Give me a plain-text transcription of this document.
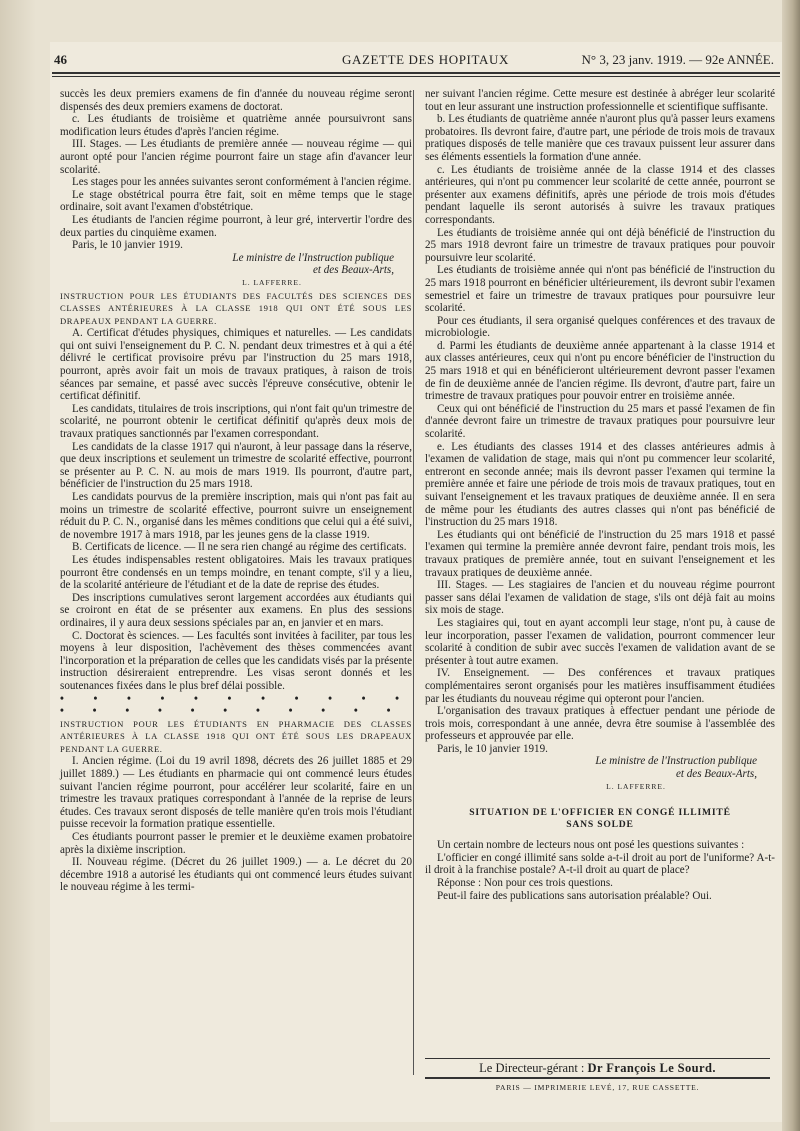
46	GAZETTE DES HOPITAUX	N° 3, 23 janv. 1919. — 92e ANNÉE.

succès les deux premiers examens de fin d'année du nouveau régime seront dispensés des deux premiers examens de doctorat.

c. Les étudiants de troisième et quatrième année poursuivront sans modification leurs études d'après l'ancien régime.

III. Stages. — Les étudiants de première année — nouveau régime — qui auront opté pour l'ancien régime pourront faire un stage afin d'avancer leur scolarité.

Les stages pour les années suivantes seront conformément à l'ancien régime.

Le stage obstétrical pourra être fait, soit en même temps que le stage ordinaire, soit avant l'examen d'obstétrique.

Les étudiants de l'ancien régime pourront, à leur gré, intervertir l'ordre des deux parties du cinquième examen.

Paris, le 10 janvier 1919.

Le ministre de l'Instruction publique

et des Beaux-Arts,

L. LAFFERRE.

INSTRUCTION POUR LES ÉTUDIANTS DES FACULTÉS DES SCIENCES DES CLASSES ANTÉRIEURES À LA CLASSE 1918 QUI ONT ÉTÉ SOUS LES DRAPEAUX PENDANT LA GUERRE.

A. Certificat d'études physiques, chimiques et naturelles. — Les candidats qui ont suivi l'enseignement du P. C. N. pendant deux trimestres et à qui a été délivré le certificat provisoire prévu par l'instruction du 25 mars 1918, pourront, après avoir fait un mois de travaux pratiques, à raison de trois séances par semaine, et passé avec succès l'épreuve consécutive, obtenir le certificat définitif.

Les candidats, titulaires de trois inscriptions, qui n'ont fait qu'un trimestre de scolarité, ne pourront obtenir le certificat définitif qu'après deux mois de travaux pratiques sanctionnés par l'examen correspondant.

Les candidats de la classe 1917 qui n'auront, à leur passage dans la réserve, que deux inscriptions et seulement un trimestre de scolarité effective, pourront se présenter au P. C. N. au mois de mars 1919. Ils pourront, d'autre part, bénéficier de l'instruction du 25 mars 1918.

Les candidats pourvus de la première inscription, mais qui n'ont pas fait au moins un trimestre de scolarité effective, pourront suivre un enseignement réduit du P. C. N., organisé dans les mêmes conditions que celui qui a été suivi, de novembre 1917 à mars 1918, par les jeunes gens de la classe 1919.

B. Certificats de licence. — Il ne sera rien changé au régime des certificats.

Les études indispensables restent obligatoires. Mais les travaux pratiques pourront être condensés en un temps moindre, en tenant compte, s'il y a lieu, de la scolarité antérieure de l'étudiant et de la date de reprise des études.

Des inscriptions cumulatives seront largement accordées aux étudiants qui se croiront en état de se présenter aux examens. En plus des sessions ordinaires, il y aura deux sessions spéciales par an, en janvier et en mars.

C. Doctorat ès sciences. — Les facultés sont invitées à faciliter, par tous les moyens à leur disposition, l'achèvement des thèses commencées avant l'incorporation et la préparation de celles que les candidats visés par la présente instruction désireraient entreprendre. Les visas seront donnés et les soutenances fixées dans le plus bref délai possible.

• • • • • • • • • • • • • • • • • • • • • •

INSTRUCTION POUR LES ÉTUDIANTS EN PHARMACIE DES CLASSES ANTÉRIEURES À LA CLASSE 1918 QUI ONT ÉTÉ SOUS LES DRAPEAUX PENDANT LA GUERRE.

I. Ancien régime. (Loi du 19 avril 1898, décrets des 26 juillet 1885 et 29 juillet 1889.) — Les étudiants en pharmacie qui ont commencé leurs études suivant l'ancien régime pourront, pour accélérer leur scolarité, faire en un trimestre les travaux pratiques correspondant à l'année de la reprise de leurs études. Ces travaux seront disposés de telle manière qu'en trois mois l'étudiant puisse recevoir la formation pratique essentielle.

Ces étudiants pourront passer le premier et le deuxième examen probatoire après la dixième inscription.

II. Nouveau régime. (Décret du 26 juillet 1909.) — a. Le décret du 20 décembre 1918 a autorisé les étudiants qui ont commencé leurs études suivant le nouveau régime à les termi-

ner suivant l'ancien régime. Cette mesure est destinée à abréger leur scolarité tout en leur assurant une instruction professionnelle et scientifique suffisante.

b. Les étudiants de quatrième année n'auront plus qu'à passer leurs examens probatoires. Ils devront faire, d'autre part, une période de trois mois de travaux pratiques disposés de telle manière que ces travaux puissent leur assurer dans ses éléments essentiels la formation d'une année.

c. Les étudiants de troisième année de la classe 1914 et des classes antérieures, qui n'ont pu commencer leur scolarité de cette année, pourront se présenter aux examens définitifs, après une période de trois mois d'études pendant laquelle ils seront autorisés à suivre les travaux pratiques correspondants.

Les étudiants de troisième année qui ont déjà bénéficié de l'instruction du 25 mars 1918 devront faire un trimestre de travaux pratiques pour pouvoir poursuivre leur scolarité.

Les étudiants de troisième année qui n'ont pas bénéficié de l'instruction du 25 mars 1918 pourront en bénéficier ultérieurement, ils devront subir l'examen semestriel et faire un trimestre de travaux pratiques pour poursuivre leur scolarité.

Pour ces étudiants, il sera organisé quelques conférences et des travaux de microbiologie.

d. Parmi les étudiants de deuxième année appartenant à la classe 1914 et aux classes antérieures, ceux qui n'ont pu encore bénéficier de l'instruction du 25 mars 1918 et qui en bénéficieront ultérieurement devront passer l'examen de fin de deuxième année de l'ancien régime. Ils devront, d'autre part, faire un trimestre de travaux pratiques pour pouvoir entrer en troisième année.

Ceux qui ont bénéficié de l'instruction du 25 mars et passé l'examen de fin d'année devront faire un trimestre de travaux pratiques pour poursuivre leur scolarité.

e. Les étudiants des classes 1914 et des classes antérieures admis à l'examen de validation de stage, mais qui n'ont pu commencer leur scolarité, entreront en seconde année; mais ils devront passer l'examen qui termine la première année et faire une période de trois mois de travaux pratiques, tout en suivant l'enseignement et les travaux pratiques de deuxième année. Il en sera de même pour les étudiants des autres classes qui n'ont pas bénéficié de l'instruction du 25 mars 1918.

Les étudiants qui ont bénéficié de l'instruction du 25 mars 1918 et passé l'examen qui termine la première année devront faire, pendant trois mois, les travaux pratiques de première année, tout en suivant l'enseignement et les travaux pratiques de deuxième année.

III. Stages. — Les stagiaires de l'ancien et du nouveau régime pourront passer sans délai l'examen de validation de stage, s'ils ont déjà fait au moins six mois de stage.

Les stagiaires qui, tout en ayant accompli leur stage, n'ont pu, à cause de leur incorporation, passer l'examen de validation, pourront commencer leur scolarité à condition de subir avec succès l'examen de validation avant de se présenter à tout autre examen.

IV. Enseignement. — Des conférences et travaux pratiques complémentaires seront organisés pour les matières insuffisamment étudiées par les étudiants du nouveau régime qui opteront pour l'ancien.

L'organisation des travaux pratiques à effectuer pendant une période de trois mois, correspondant à une année, devra être soumise à l'assemblée des professeurs et approuvée par elle.

Paris, le 10 janvier 1919.

Le ministre de l'Instruction publique

et des Beaux-Arts,

L. LAFFERRE.

SITUATION DE L'OFFICIER EN CONGÉ ILLIMITÉ
SANS SOLDE

Un certain nombre de lecteurs nous ont posé les questions suivantes :

L'officier en congé illimité sans solde a-t-il droit au port de l'uniforme? A-t-il droit à la franchise postale? A-t-il droit au quart de place?

Réponse : Non pour ces trois questions.

Peut-il faire des publications sans autorisation préalable? Oui.

Le Directeur-gérant : Dr François Le Sourd.
PARIS — IMPRIMERIE LEVÉ, 17, RUE CASSETTE.
